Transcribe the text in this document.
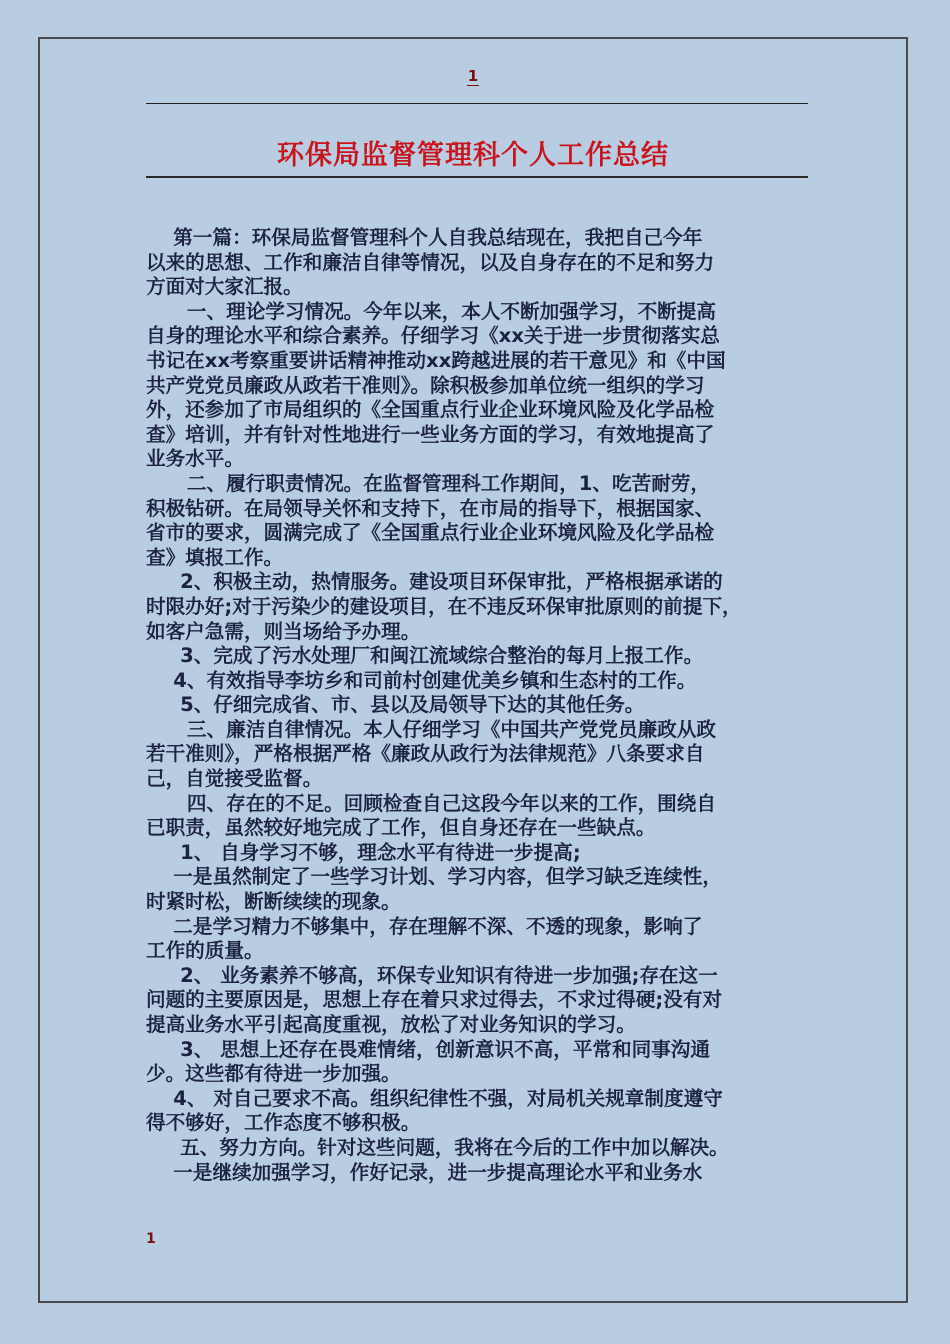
1
环保局监督管理科个人工作总结
第一篇：环保局监督管理科个人自我总结现在，我把自己今年
以来的思想、工作和廉洁自律等情况，以及自身存在的不足和努力
方面对大家汇报。
一、理论学习情况。今年以来，本人不断加强学习，不断提高
自身的理论水平和综合素养。仔细学习《xx关于进一步贯彻落实总
书记在xx考察重要讲话精神推动xx跨越进展的若干意见》和《中国
共产党党员廉政从政若干准则》。除积极参加单位统一组织的学习
外，还参加了市局组织的《全国重点行业企业环境风险及化学品检
查》培训，并有针对性地进行一些业务方面的学习，有效地提高了
业务水平。
二、履行职责情况。在监督管理科工作期间，1、吃苦耐劳，
积极钻研。在局领导关怀和支持下，在市局的指导下，根据国家、
省市的要求，圆满完成了《全国重点行业企业环境风险及化学品检
查》填报工作。
2、积极主动，热情服务。建设项目环保审批，严格根据承诺的
时限办好;对于污染少的建设项目，在不违反环保审批原则的前提下，
如客户急需，则当场给予办理。
3、完成了污水处理厂和闽江流域综合整治的每月上报工作。
4、有效指导李坊乡和司前村创建优美乡镇和生态村的工作。
5、仔细完成省、市、县以及局领导下达的其他任务。
三、廉洁自律情况。本人仔细学习《中国共产党党员廉政从政
若干准则》，严格根据严格《廉政从政行为法律规范》八条要求自
己，自觉接受监督。
四、存在的不足。回顾检查自己这段今年以来的工作，围绕自
已职责，虽然较好地完成了工作，但自身还存在一些缺点。
1、 自身学习不够，理念水平有待进一步提高;
一是虽然制定了一些学习计划、学习内容，但学习缺乏连续性，
时紧时松，断断续续的现象。
二是学习精力不够集中，存在理解不深、不透的现象，影响了
工作的质量。
2、 业务素养不够高，环保专业知识有待进一步加强;存在这一
问题的主要原因是，思想上存在着只求过得去，不求过得硬;没有对
提高业务水平引起高度重视，放松了对业务知识的学习。
3、 思想上还存在畏难情绪，创新意识不高，平常和同事沟通
少。这些都有待进一步加强。
4、 对自己要求不高。组织纪律性不强，对局机关规章制度遵守
得不够好，工作态度不够积极。
五、努力方向。针对这些问题，我将在今后的工作中加以解决。
一是继续加强学习，作好记录，进一步提高理论水平和业务水
1
